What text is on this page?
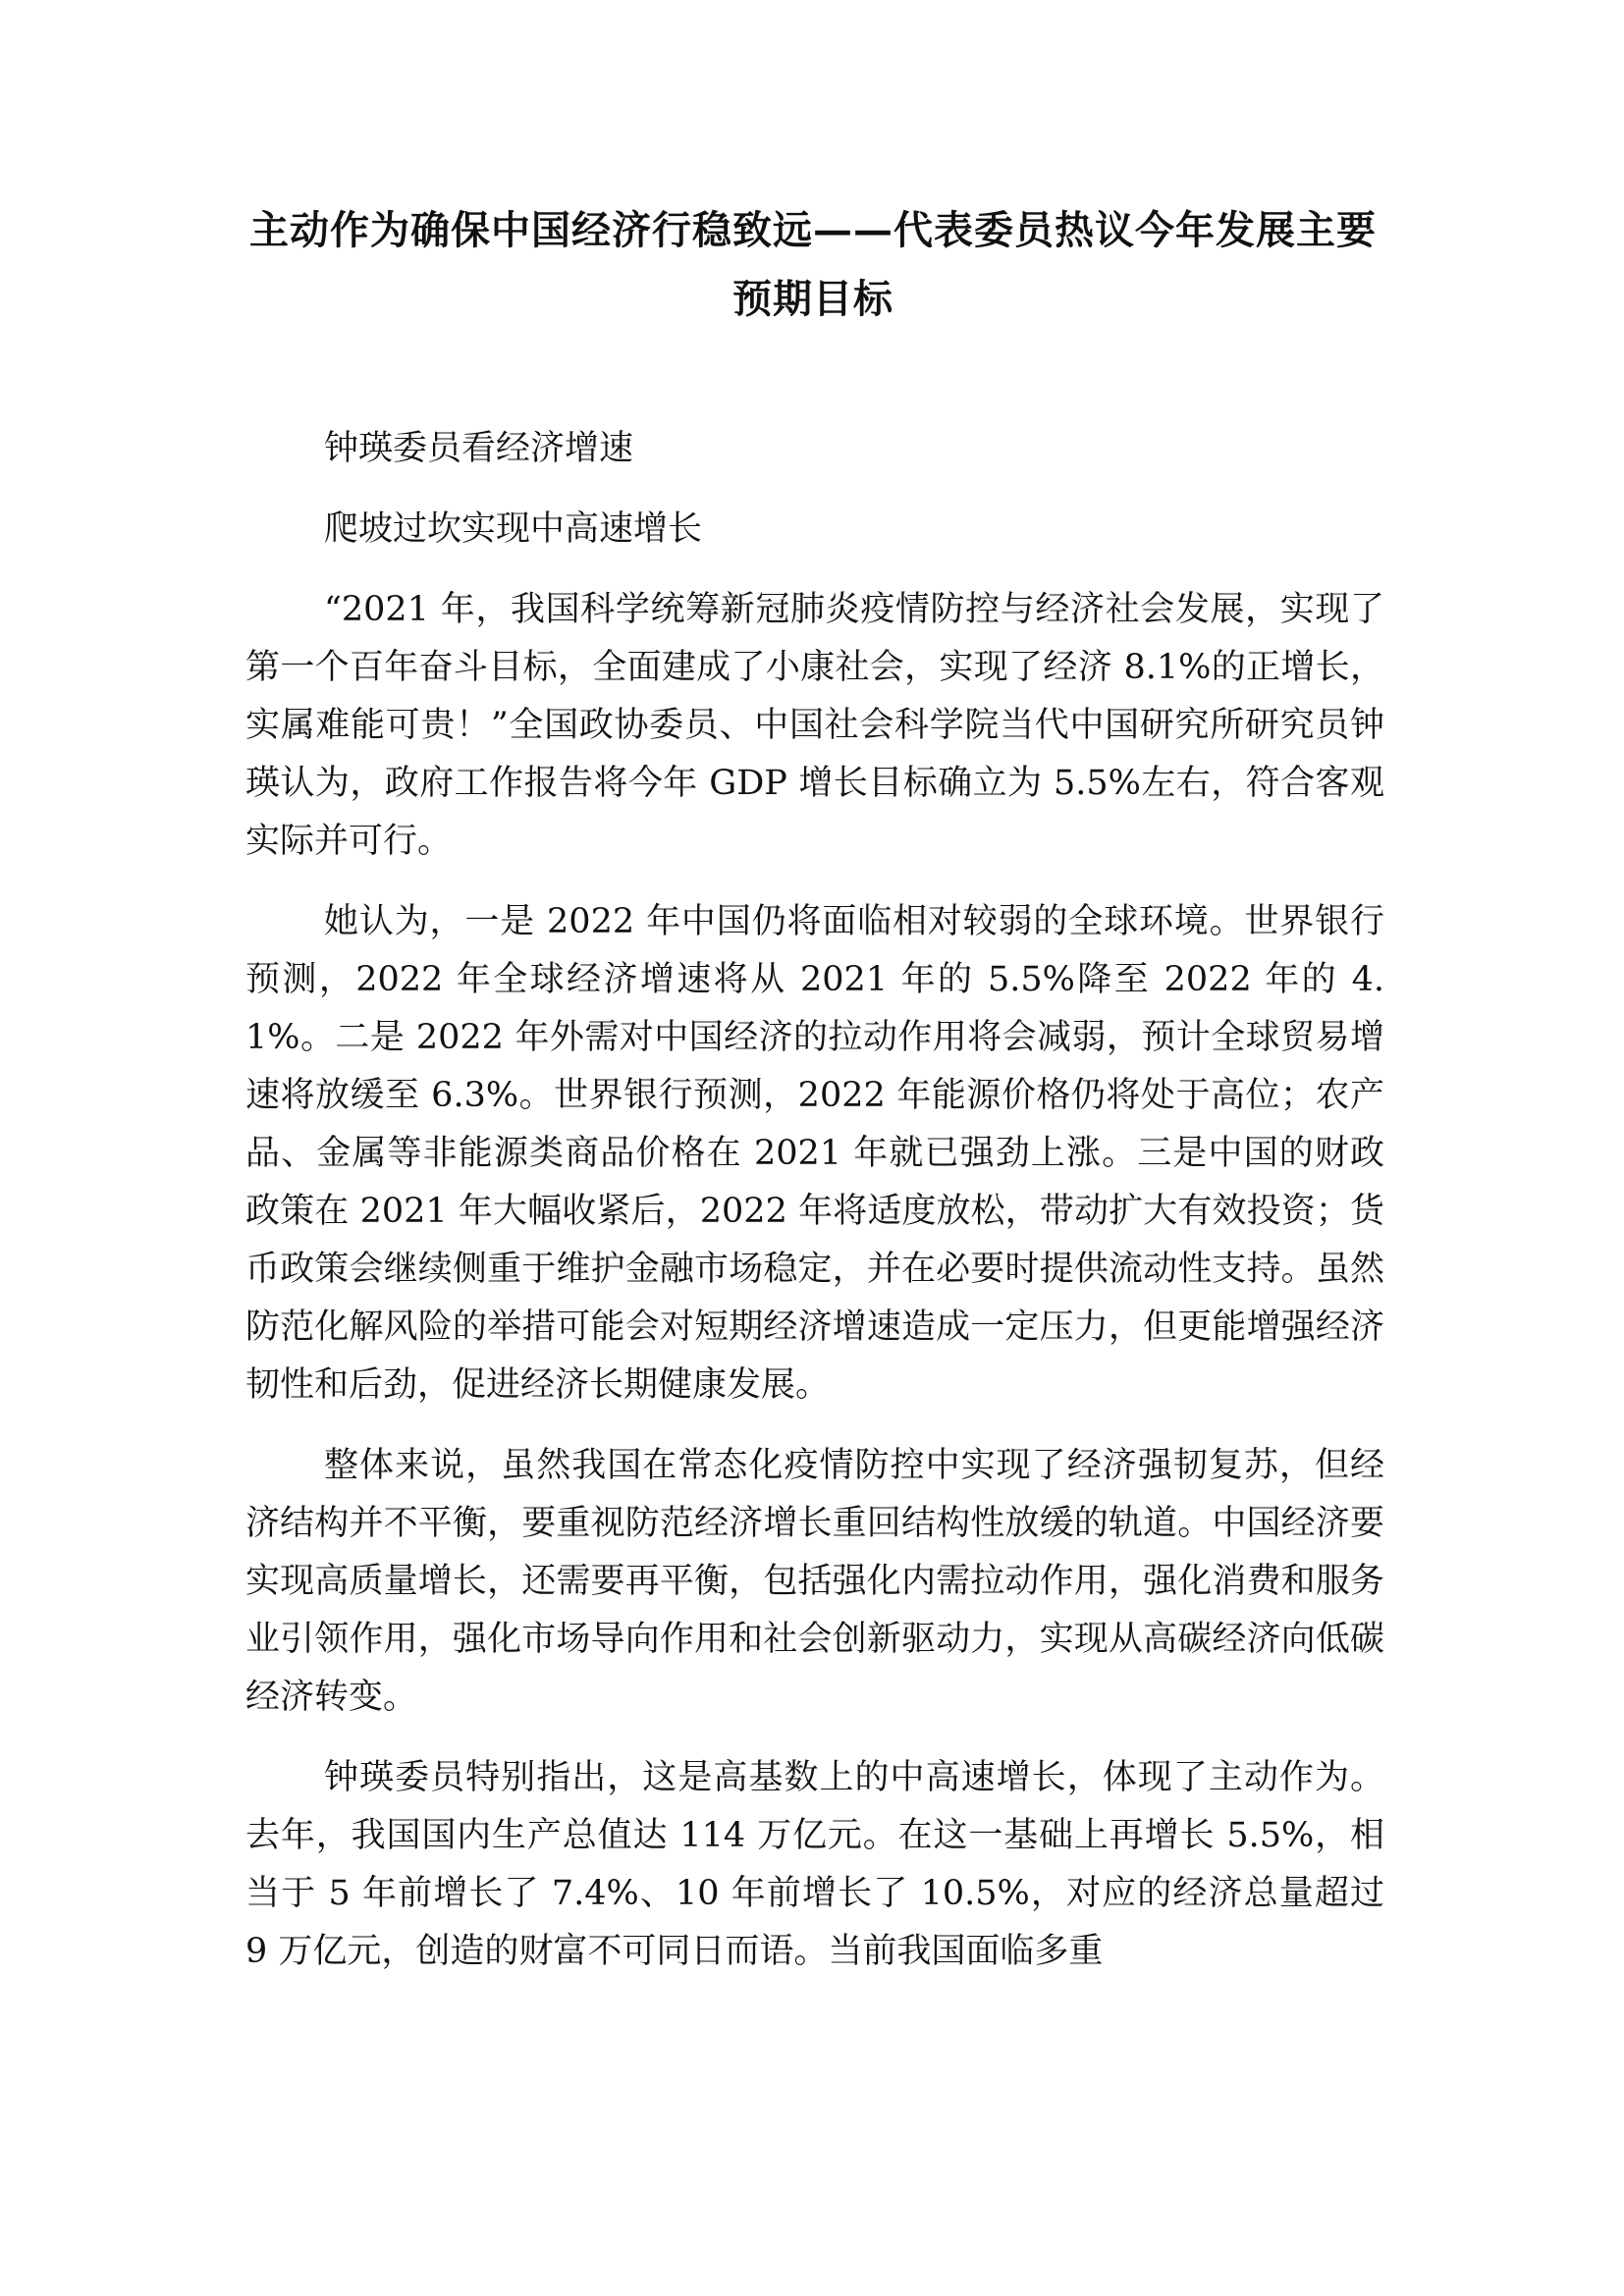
主动作为确保中国经济行稳致远——代表委员热议今年发展主要预期目标

钟瑛委员看经济增速

爬坡过坎实现中高速增长

“2021 年，我国科学统筹新冠肺炎疫情防控与经济社会发展，实现了第一个百年奋斗目标，全面建成了小康社会，实现了经济 8.1%的正增长，实属难能可贵！”全国政协委员、中国社会科学院当代中国研究所研究员钟瑛认为，政府工作报告将今年 GDP 增长目标确立为 5.5%左右，符合客观实际并可行。

她认为，一是 2022 年中国仍将面临相对较弱的全球环境。世界银行预测，2022 年全球经济增速将从 2021 年的 5.5%降至 2022 年的 4.1%。二是 2022 年外需对中国经济的拉动作用将会减弱，预计全球贸易增速将放缓至 6.3%。世界银行预测，2022 年能源价格仍将处于高位；农产品、金属等非能源类商品价格在 2021 年就已强劲上涨。三是中国的财政政策在 2021 年大幅收紧后，2022 年将适度放松，带动扩大有效投资；货币政策会继续侧重于维护金融市场稳定，并在必要时提供流动性支持。虽然防范化解风险的举措可能会对短期经济增速造成一定压力，但更能增强经济韧性和后劲，促进经济长期健康发展。

整体来说，虽然我国在常态化疫情防控中实现了经济强韧复苏，但经济结构并不平衡，要重视防范经济增长重回结构性放缓的轨道。中国经济要实现高质量增长，还需要再平衡，包括强化内需拉动作用，强化消费和服务业引领作用，强化市场导向作用和社会创新驱动力，实现从高碳经济向低碳经济转变。

钟瑛委员特别指出，这是高基数上的中高速增长，体现了主动作为。去年，我国国内生产总值达 114 万亿元。在这一基础上再增长 5.5%，相当于 5 年前增长了 7.4%、10 年前增长了 10.5%，对应的经济总量超过 9 万亿元，创造的财富不可同日而语。当前我国面临多重
